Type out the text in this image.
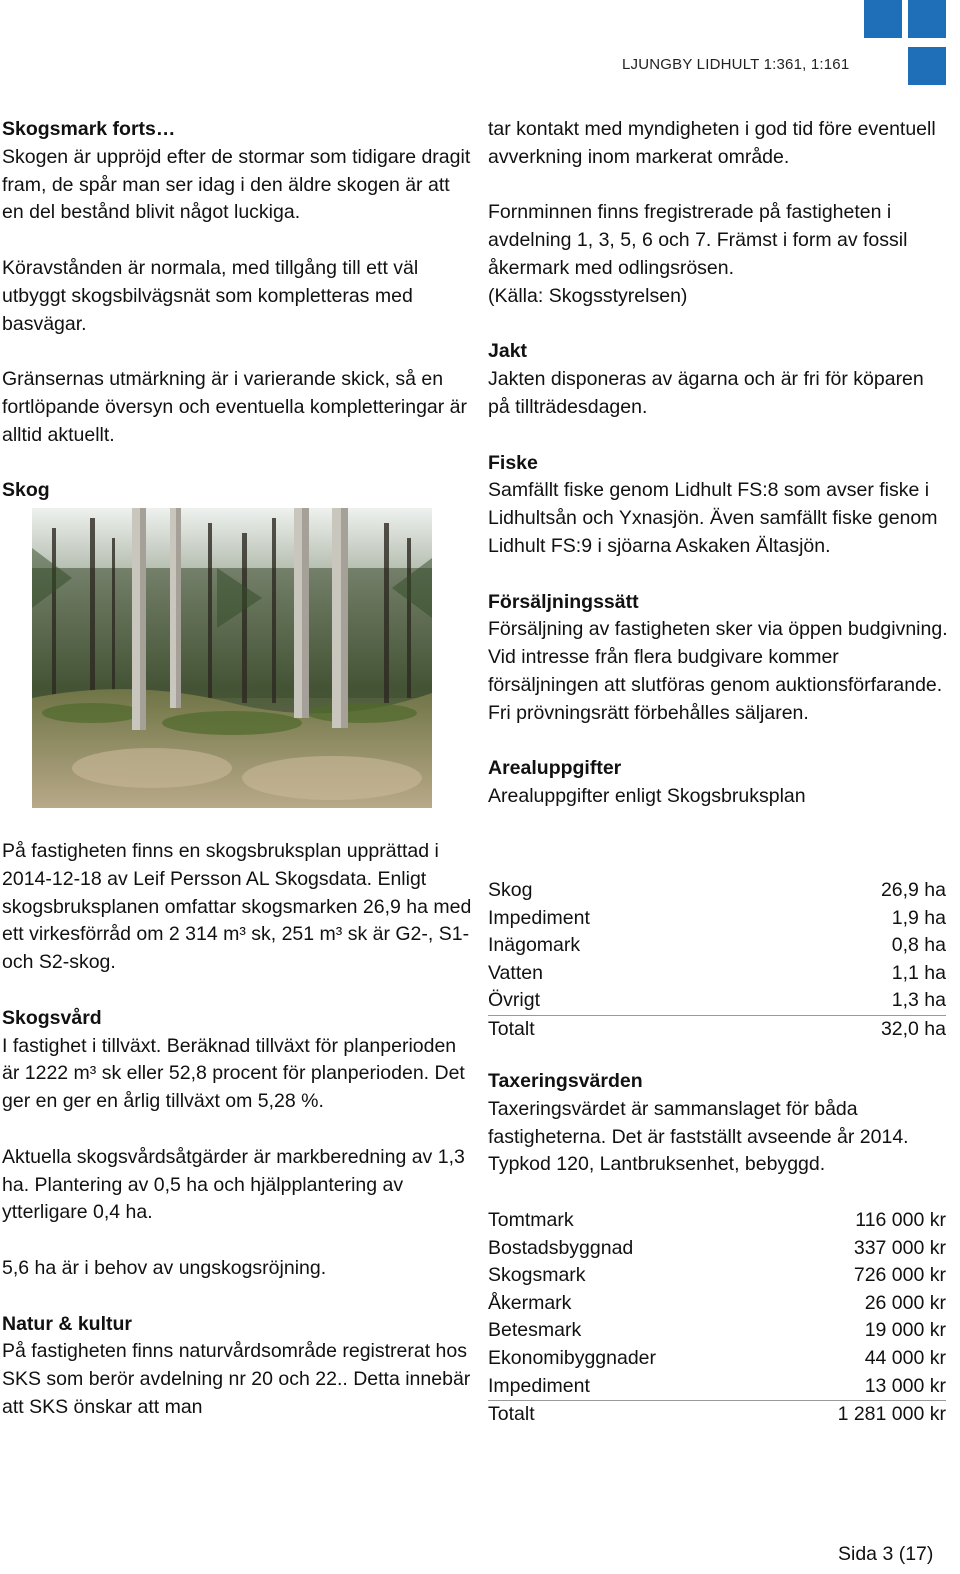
LJUNGBY LIDHULT 1:361, 1:161

Skogsmark forts…

Skogen är uppröjd efter de stormar som tidigare dragit fram, de spår man ser idag i den äldre skogen är att en del bestånd blivit något luckiga.

Köravstånden är normala, med tillgång till ett väl utbyggt skogsbilvägsnät som kompletteras med basvägar.

Gränsernas utmärkning är i varierande skick, så en fortlöpande översyn och eventuella kompletteringar är alltid aktuellt.

Skog

På fastigheten finns en skogsbruksplan upprättad i 2014-12-18 av Leif Persson AL Skogsdata. Enligt skogsbruksplanen omfattar skogsmarken 26,9 ha med ett virkesförråd om 2 314 m³ sk, 251 m³ sk är G2-, S1- och S2-skog.

Skogsvård

I fastighet i tillväxt. Beräknad tillväxt för planperioden är 1222 m³ sk eller 52,8 procent för planperioden. Det ger en ger en årlig tillväxt om 5,28 %.

Aktuella skogsvårdsåtgärder är markberedning av 1,3 ha. Plantering av 0,5 ha och hjälpplantering av ytterligare 0,4 ha.

5,6 ha är i behov av ungskogsröjning.

Natur & kultur

På fastigheten finns naturvårdsområde registrerat hos SKS som berör avdelning nr 20 och 22.. Detta innebär att SKS önskar att man

tar kontakt med myndigheten i god tid före eventuell avverkning inom markerat område.

Fornminnen finns fregistrerade på fastigheten i avdelning 1, 3, 5, 6 och 7. Främst i form av fossil åkermark med odlingsrösen.

(Källa: Skogsstyrelsen)

Jakt

Jakten disponeras av ägarna och är fri för köparen på tillträdesdagen.

Fiske

Samfällt fiske genom Lidhult FS:8 som avser fiske i Lidhultsån och Yxnasjön. Även samfällt fiske genom Lidhult FS:9 i sjöarna Askaken Ältasjön.

Försäljningssätt

Försäljning av fastigheten sker via öppen budgivning. Vid intresse från flera budgivare kommer försäljningen att slutföras genom auktionsförfarande. Fri prövningsrätt förbehålles säljaren.

Arealuppgifter

Arealuppgifter enligt Skogsbruksplan

Skog	26,9 ha
Impediment	1,9 ha
Inägomark	0,8 ha
Vatten	1,1 ha
Övrigt	1,3 ha
Totalt	32,0 ha

Taxeringsvärden

Taxeringsvärdet är sammanslaget för båda fastigheterna. Det är fastställt avseende år 2014. Typkod 120, Lantbruksenhet, bebyggd.

Tomtmark	116 000 kr
Bostadsbyggnad	337 000 kr
Skogsmark	726 000 kr
Åkermark	26 000 kr
Betesmark	19 000 kr
Ekonomibyggnader	44 000 kr
Impediment	13 000 kr
Totalt	1 281 000 kr
Sida 3 (17)
